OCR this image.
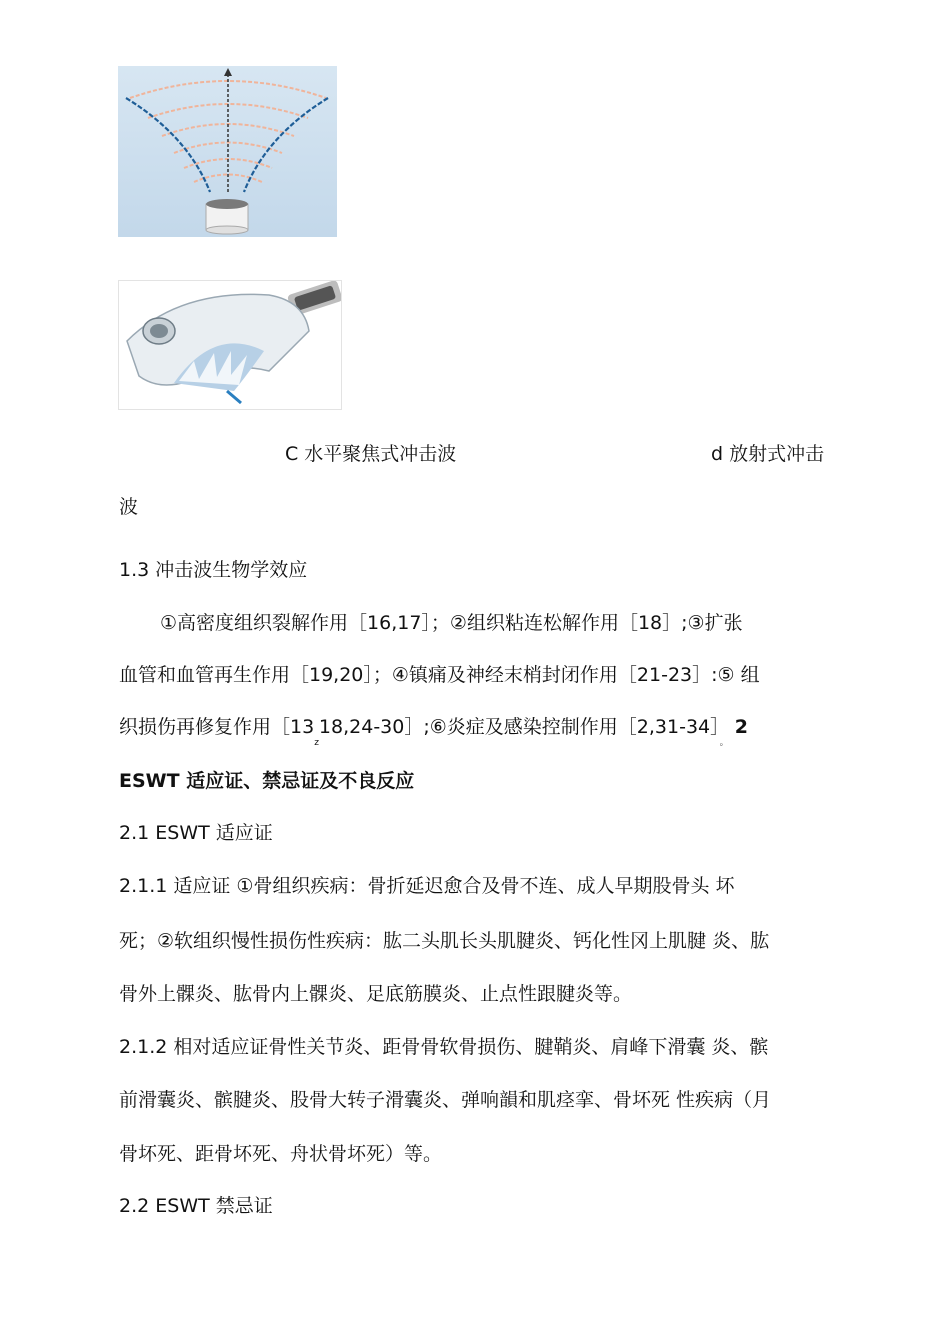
C 水平聚焦式冲击波	d 放射式冲击
波
1.3 冲击波生物学效应
①高密度组织裂解作用［16,17］；②组织粘连松解作用［18］;③扩张
血管和血管再生作用［19,20］；④镇痛及神经末梢封闭作用［21-23］:⑤ 组
织损伤再修复作用$[13_z18,24-30];⑥$炎症及感染控制作用$[2,31-34]_。$ 2
ESWT 适应证、禁忌证及不良反应
2.1 ESWT 适应证
2.1.1 适应证 ①骨组织疾病：骨折延迟愈合及骨不连、成人早期股骨头 坏
死；②软组织慢性损伤性疾病：肱二头肌长头肌腱炎、钙化性冈上肌腱 炎、肱
骨外上髁炎、肱骨内上髁炎、足底筋膜炎、止点性跟腱炎等。
2.1.2 相对适应证骨性关节炎、距骨骨软骨损伤、腱鞘炎、肩峰下滑囊 炎、髌
前滑囊炎、髌腱炎、股骨大转子滑囊炎、弹响韻和肌痉挛、骨坏死 性疾病（月
骨坏死、距骨坏死、舟状骨坏死）等。
2.2 ESWT 禁忌证
